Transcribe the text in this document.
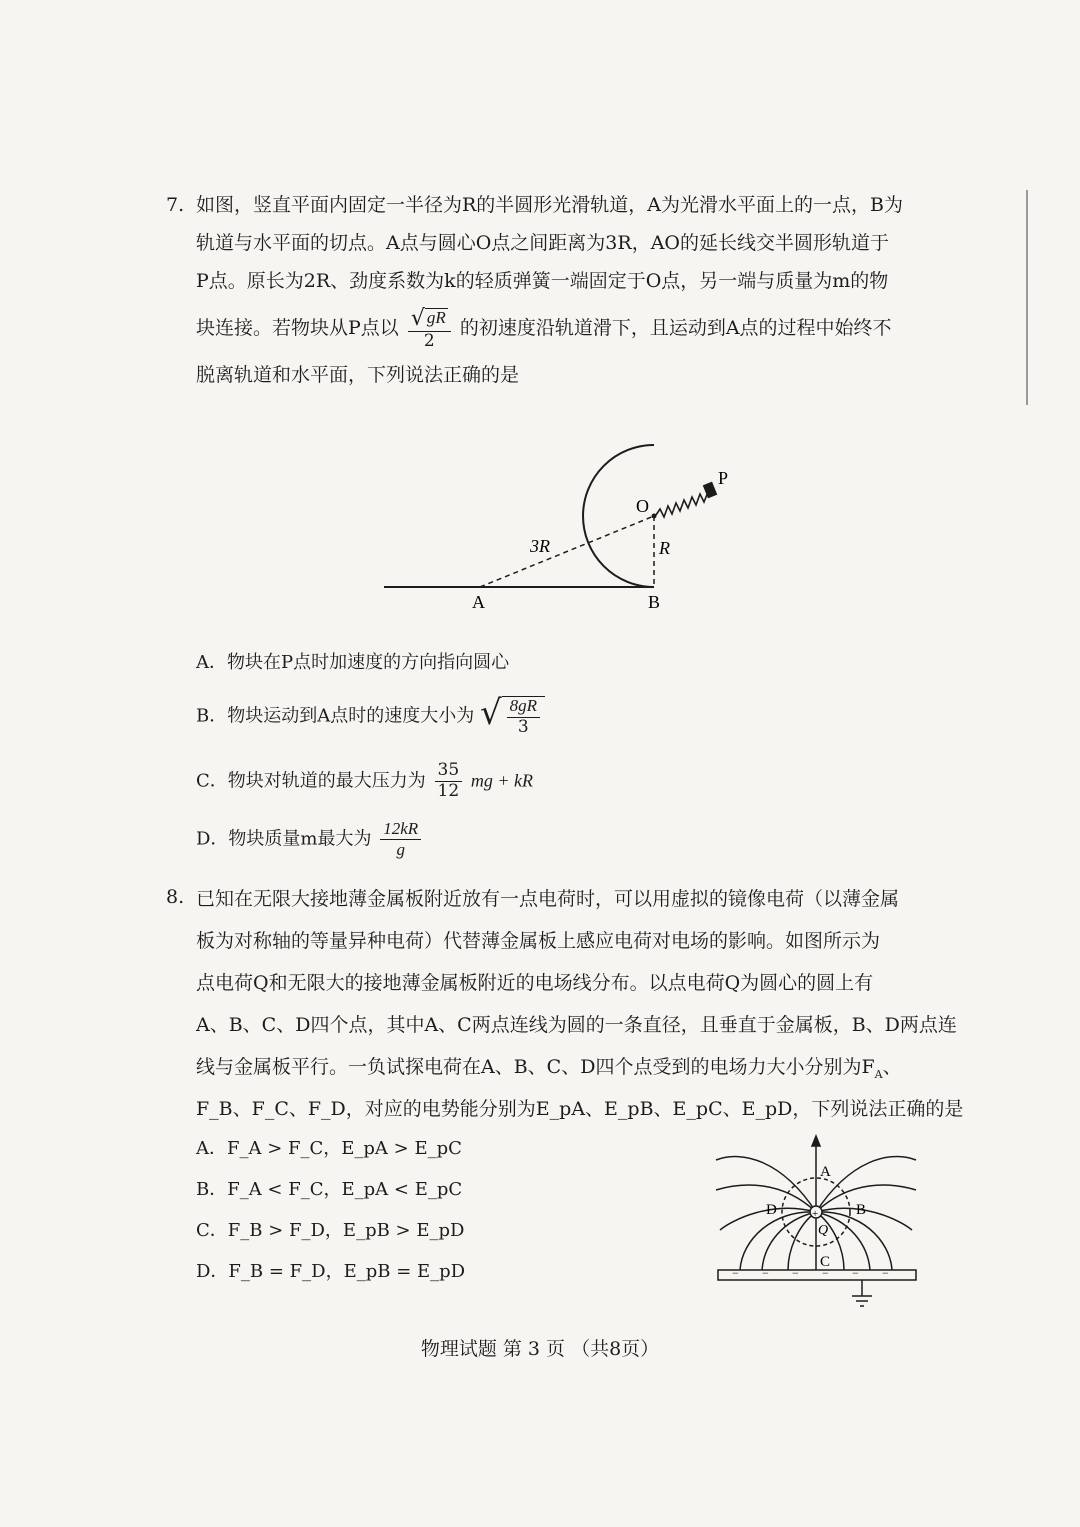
7. 如图，竖直平面内固定一半径为R的半圆形光滑轨道，A为光滑水平面上的一点，B为
轨道与水平面的切点。A点与圆心O点之间距离为3R，AO的延长线交半圆形轨道于
P点。原长为2R、劲度系数为k的轻质弹簧一端固定于O点，另一端与质量为m的物
块连接。若物块从P点以 $\frac{√ gR}{2}$ 的初速度沿轨道滑下，且运动到A点的过程中始终不
脱离轨道和水平面，下列说法正确的是
P
O
3R	R
A	B
A．物块在P点时加速度的方向指向圆心
B．物块运动到A点时的速度大小为 √ $\frac{8gR}{3}$
C．物块对轨道的最大压力为 $\frac{35}{12}$ mg + kR
D．物块质量m最大为 $\frac{12kR}{g}$
8. 已知在无限大接地薄金属板附近放有一点电荷时，可以用虚拟的镜像电荷（以薄金属
板为对称轴的等量异种电荷）代替薄金属板上感应电荷对电场的影响。如图所示为
点电荷Q和无限大的接地薄金属板附近的电场线分布。以点电荷Q为圆心的圆上有
A、B、C、D四个点，其中A、C两点连线为圆的一条直径，且垂直于金属板，B、D两点连
线与金属板平行。一负试探电荷在A、B、C、D四个点受到的电场力大小分别为$F_A$、
F_B、F_C、F_D，对应的电势能分别为E_pA、E_pB、E_pC、E_pD，下列说法正确的是
A．F_A > F_C，E_pA > E_pC
B．F_A < F_C，E_pA < E_pC
C．F_B > F_D，E_pB > E_pD
D．F_B = F_D，E_pB = E_pD
+
A
B
C
D
Q
− − − − − −
物理试题 第 3 页 （共8页）
